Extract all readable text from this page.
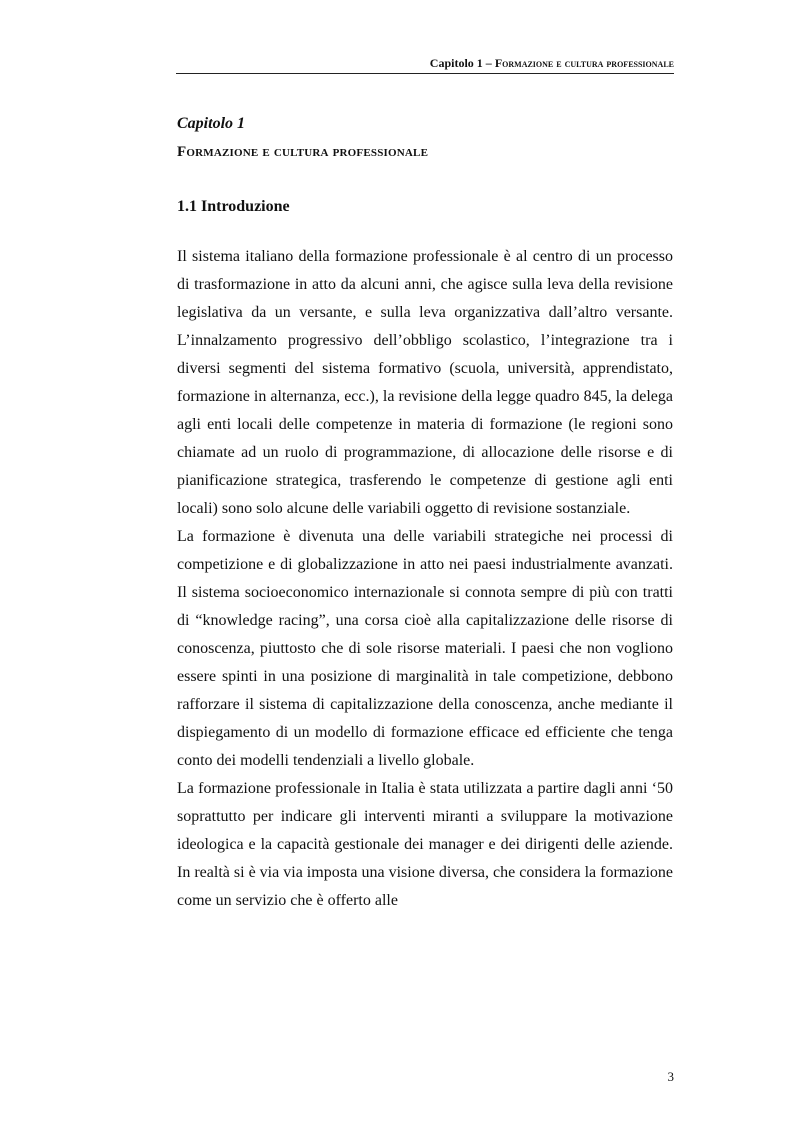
Capitolo 1 – Formazione e cultura professionale
Capitolo 1
Formazione e cultura professionale
1.1 Introduzione

Il sistema italiano della formazione professionale è al centro di un processo di trasformazione in atto da alcuni anni, che agisce sulla leva della revisione legislativa da un versante, e sulla leva organizzativa dall’altro versante. L’innalzamento progressivo dell’obbligo scolastico, l’integrazione tra i diversi segmenti del sistema formativo (scuola, università, apprendistato, formazione in alternanza, ecc.), la revisione della legge quadro 845, la delega agli enti locali delle competenze in materia di formazione (le regioni sono chiamate ad un ruolo di programmazione, di allocazione delle risorse e di pianificazione strategica, trasferendo le competenze di gestione agli enti locali) sono solo alcune delle variabili oggetto di revisione sostanziale.

La formazione è divenuta una delle variabili strategiche nei processi di competizione e di globalizzazione in atto nei paesi industrialmente avanzati. Il sistema socioeconomico internazionale si connota sempre di più con tratti di “knowledge racing”, una corsa cioè alla capitalizzazione delle risorse di conoscenza, piuttosto che di sole risorse materiali. I paesi che non vogliono essere spinti in una posizione di marginalità in tale competizione, debbono rafforzare il sistema di capitalizzazione della conoscenza, anche mediante il dispiegamento di un modello di formazione efficace ed efficiente che tenga conto dei modelli tendenziali a livello globale.

La formazione professionale in Italia è stata utilizzata a partire dagli anni ‘50 soprattutto per indicare gli interventi miranti a sviluppare la motivazione ideologica e la capacità gestionale dei manager e dei dirigenti delle aziende. In realtà si è via via imposta una visione diversa, che considera la formazione come un servizio che è offerto alle

3
